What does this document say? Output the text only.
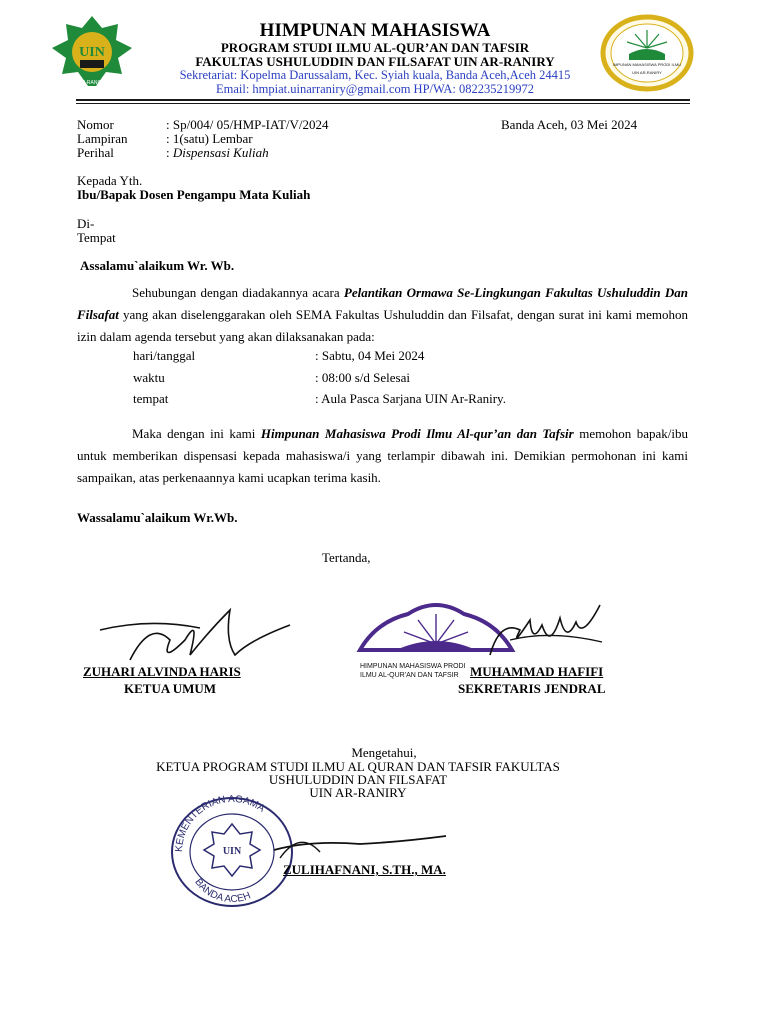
UIN
AR-RANIRY
HIMPUNAN MAHASISWA
PROGRAM STUDI ILMU AL-QUR’AN DAN TAFSIR
FAKULTAS USHULUDDIN DAN FILSAFAT UIN AR-RANIRY
Sekretariat: Kopelma Darussalam, Kec. Syiah kuala, Banda Aceh,Aceh 24415
Email: hmpiat.uinarraniry@gmail.com HP/WA: 082235219972
IMPUNAN MAHASISWA PRODI ILMU
UIN AR-RANIRY
Nomor	: Sp/004/ 05/HMP-IAT/V/2024	Banda Aceh, 03 Mei 2024
Lampiran	: 1(satu) Lembar
Perihal	: Dispensasi Kuliah
Kepada Yth.
Ibu/Bapak Dosen Pengampu Mata Kuliah
Di-
Tempat
Assalamu`alaikum Wr. Wb.
Sehubungan dengan diadakannya acara Pelantikan Ormawa Se-Lingkungan Fakultas Ushuluddin Dan Filsafat yang akan diselenggarakan oleh SEMA Fakultas Ushuluddin dan Filsafat, dengan surat ini kami memohon izin dalam agenda tersebut yang akan dilaksanakan pada:
hari/tanggal	: Sabtu, 04 Mei 2024
waktu	: 08:00 s/d Selesai
tempat	: Aula Pasca Sarjana UIN Ar-Raniry.
Maka dengan ini kami Himpunan Mahasiswa Prodi Ilmu Al-qur’an dan Tafsir memohon bapak/ibu untuk memberikan dispensasi kepada mahasiswa/i yang terlampir dibawah ini. Demikian permohonan ini kami sampaikan, atas perkenaannya kami ucapkan terima kasih.
Wassalamu`alaikum Wr.Wb.
Tertanda,
HIMPUNAN MAHASISWA PRODI
ILMU AL-QUR'AN DAN TAFSIR
ZUHARI ALVINDA HARIS
KETUA UMUM
MUHAMMAD HAFIFI
SEKRETARIS JENDRAL
Mengetahui,
KETUA PROGRAM STUDI ILMU AL QURAN DAN TAFSIR FAKULTAS
USHULUDDIN DAN FILSAFAT
UIN AR-RANIRY
KEMENTERIAN AGAMA
BANDA ACEH
UIN
ZULIHAFNANI, S.TH., MA.
